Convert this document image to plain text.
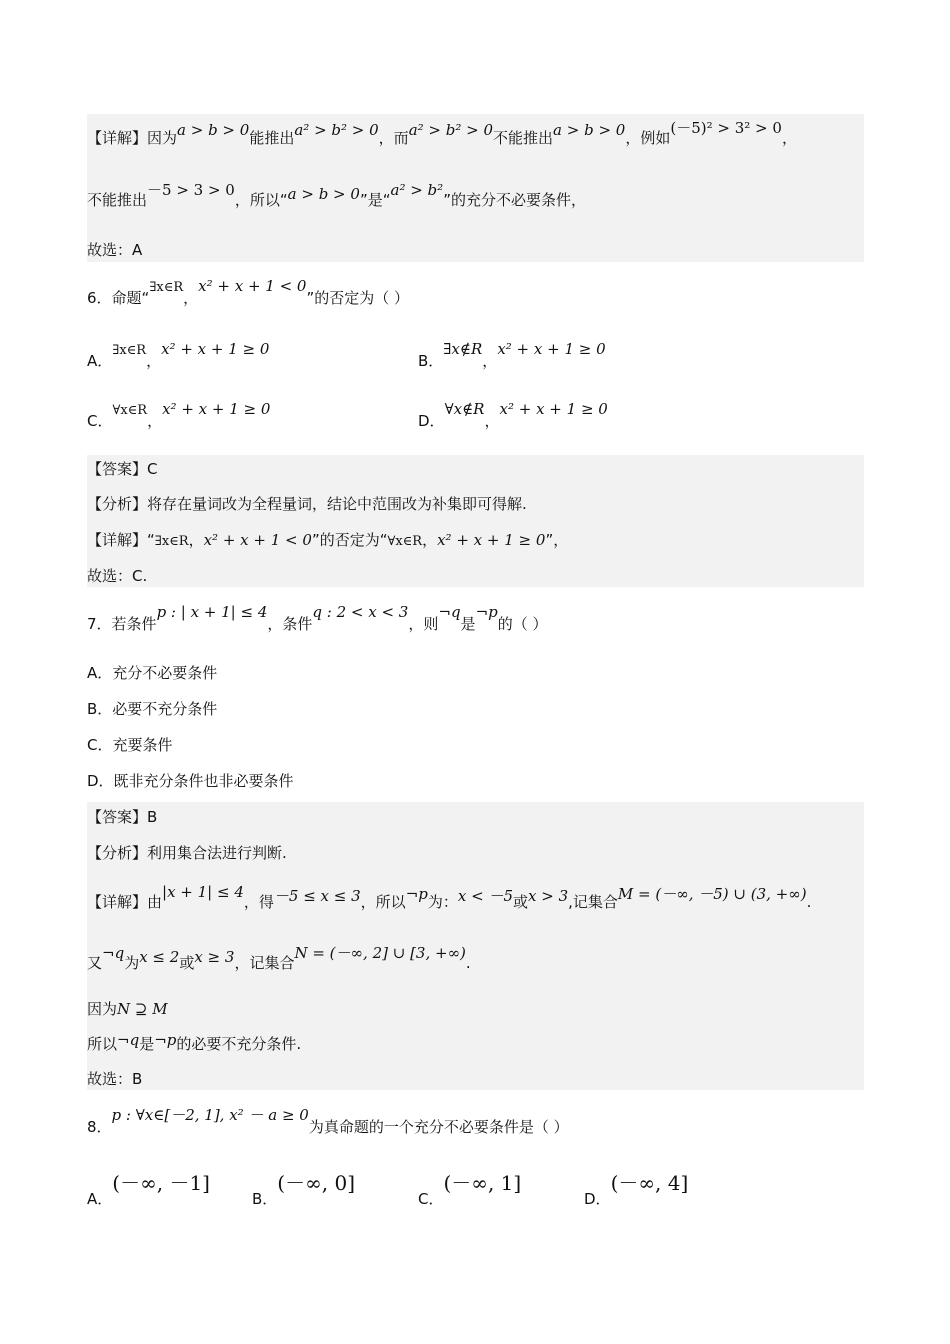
【详解】因为a > b > 0能推出a² > b² > 0，而a² > b² > 0不能推出a > b > 0，例如(－5)² > 3² > 0，
不能推出－5 > 3 > 0，所以“a > b > 0”是“a² > b²”的充分不必要条件，
故选：A
6．命题“∃x∈R，x² + x + 1 < 0”的否定为（ ）
A．∃x∈R，x² + x + 1 ≥ 0
B．∃x∉R，x² + x + 1 ≥ 0
C．∀x∈R，x² + x + 1 ≥ 0
D．∀x∉R，x² + x + 1 ≥ 0
【答案】C
【分析】将存在量词改为全程量词，结论中范围改为补集即可得解.
【详解】“∃x∈R，x² + x + 1 < 0”的否定为“∀x∈R，x² + x + 1 ≥ 0”，
故选：C.
7．若条件p : | x + 1| ≤ 4，条件q : 2 < x < 3，则¬q是¬p的（ ）
A．充分不必要条件
B．必要不充分条件
C．充要条件
D．既非充分条件也非必要条件
【答案】B
【分析】利用集合法进行判断.
【详解】由|x + 1| ≤ 4，得－5 ≤ x ≤ 3，所以¬p为：x < －5或x > 3,记集合M = (－∞, －5) ∪ (3, +∞).
又¬q为x ≤ 2或x ≥ 3，记集合N = (－∞, 2] ∪ [3, +∞).
因为N ⊇ M
所以¬q是¬p的必要不充分条件.
故选：B
8．p : ∀x∈[－2, 1], x² － a ≥ 0为真命题的一个充分不必要条件是（ ）
A．(－∞, －1]
B．(－∞, 0]
C．(－∞, 1]
D．(－∞, 4]
